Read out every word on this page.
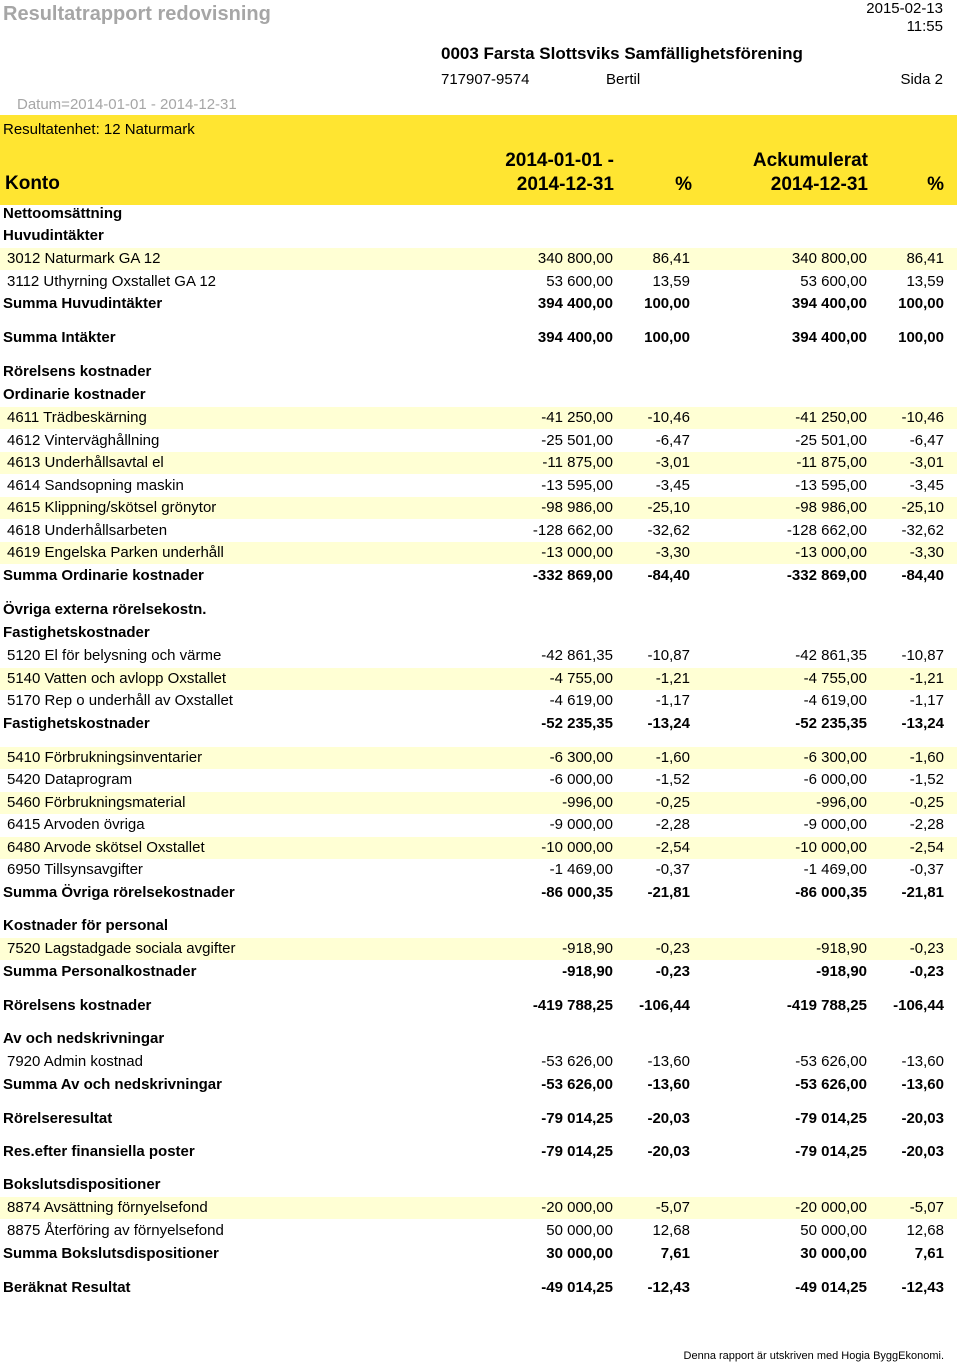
Resultatrapport redovisning	2015-02-13
11:55
0003 Farsta Slottsviks Samfällighetsförening
717907-9574	Bertil	Sida 2
Datum=2014-01-01 - 2014-12-31
Resultatenhet: 12 Naturmark
Konto
2014-01-01 -
2014-12-31	%
Ackumulerat
2014-12-31	%
Nettoomsättning
Huvudintäkter
3012 Naturmark GA 12	340 800,00	86,41	340 800,00	86,41
3112 Uthyrning Oxstallet GA 12	53 600,00	13,59	53 600,00	13,59
Summa Huvudintäkter	394 400,00 100,00	394 400,00 100,00
Summa Intäkter	394 400,00 100,00	394 400,00 100,00
Rörelsens kostnader
Ordinarie kostnader
4611 Trädbeskärning	-41 250,00 -10,46	-41 250,00 -10,46
4612 Vinterväghållning	-25 501,00	-6,47	-25 501,00	-6,47
4613 Underhållsavtal el	-11 875,00	-3,01	-11 875,00	-3,01
4614 Sandsopning maskin	-13 595,00	-3,45	-13 595,00	-3,45
4615 Klippning/skötsel grönytor	-98 986,00 -25,10	-98 986,00 -25,10
4618 Underhållsarbeten	-128 662,00 -32,62	-128 662,00 -32,62
4619 Engelska Parken underhåll	-13 000,00	-3,30	-13 000,00	-3,30
Summa Ordinarie kostnader	-332 869,00 -84,40	-332 869,00 -84,40
Övriga externa rörelsekostn.
Fastighetskostnader
5120 El för belysning och värme	-42 861,35 -10,87	-42 861,35 -10,87
5140 Vatten och avlopp Oxstallet	-4 755,00	-1,21	-4 755,00	-1,21
5170 Rep o underhåll av Oxstallet	-4 619,00	-1,17	-4 619,00	-1,17
Fastighetskostnader	-52 235,35 -13,24	-52 235,35 -13,24
5410 Förbrukningsinventarier	-6 300,00	-1,60	-6 300,00	-1,60
5420 Dataprogram	-6 000,00	-1,52	-6 000,00	-1,52
5460 Förbrukningsmaterial	-996,00	-0,25	-996,00	-0,25
6415 Arvoden övriga	-9 000,00	-2,28	-9 000,00	-2,28
6480 Arvode skötsel Oxstallet	-10 000,00	-2,54	-10 000,00	-2,54
6950 Tillsynsavgifter	-1 469,00	-0,37	-1 469,00	-0,37
Summa Övriga rörelsekostnader	-86 000,35 -21,81	-86 000,35 -21,81
Kostnader för personal
7520 Lagstadgade sociala avgifter	-918,90	-0,23	-918,90	-0,23
Summa Personalkostnader	-918,90	-0,23	-918,90	-0,23
Rörelsens kostnader	-419 788,25 -106,44	-419 788,25 -106,44
Av och nedskrivningar
7920 Admin kostnad	-53 626,00 -13,60	-53 626,00 -13,60
Summa Av och nedskrivningar	-53 626,00 -13,60	-53 626,00 -13,60
Rörelseresultat	-79 014,25 -20,03	-79 014,25 -20,03
Res.efter finansiella poster	-79 014,25 -20,03	-79 014,25 -20,03
Bokslutsdispositioner
8874 Avsättning förnyelsefond	-20 000,00	-5,07	-20 000,00	-5,07
8875 Återföring av förnyelsefond	50 000,00	12,68	50 000,00	12,68
Summa Bokslutsdispositioner	30 000,00	7,61	30 000,00	7,61
Beräknat Resultat	-49 014,25 -12,43	-49 014,25 -12,43
Denna rapport är utskriven med Hogia ByggEkonomi.
